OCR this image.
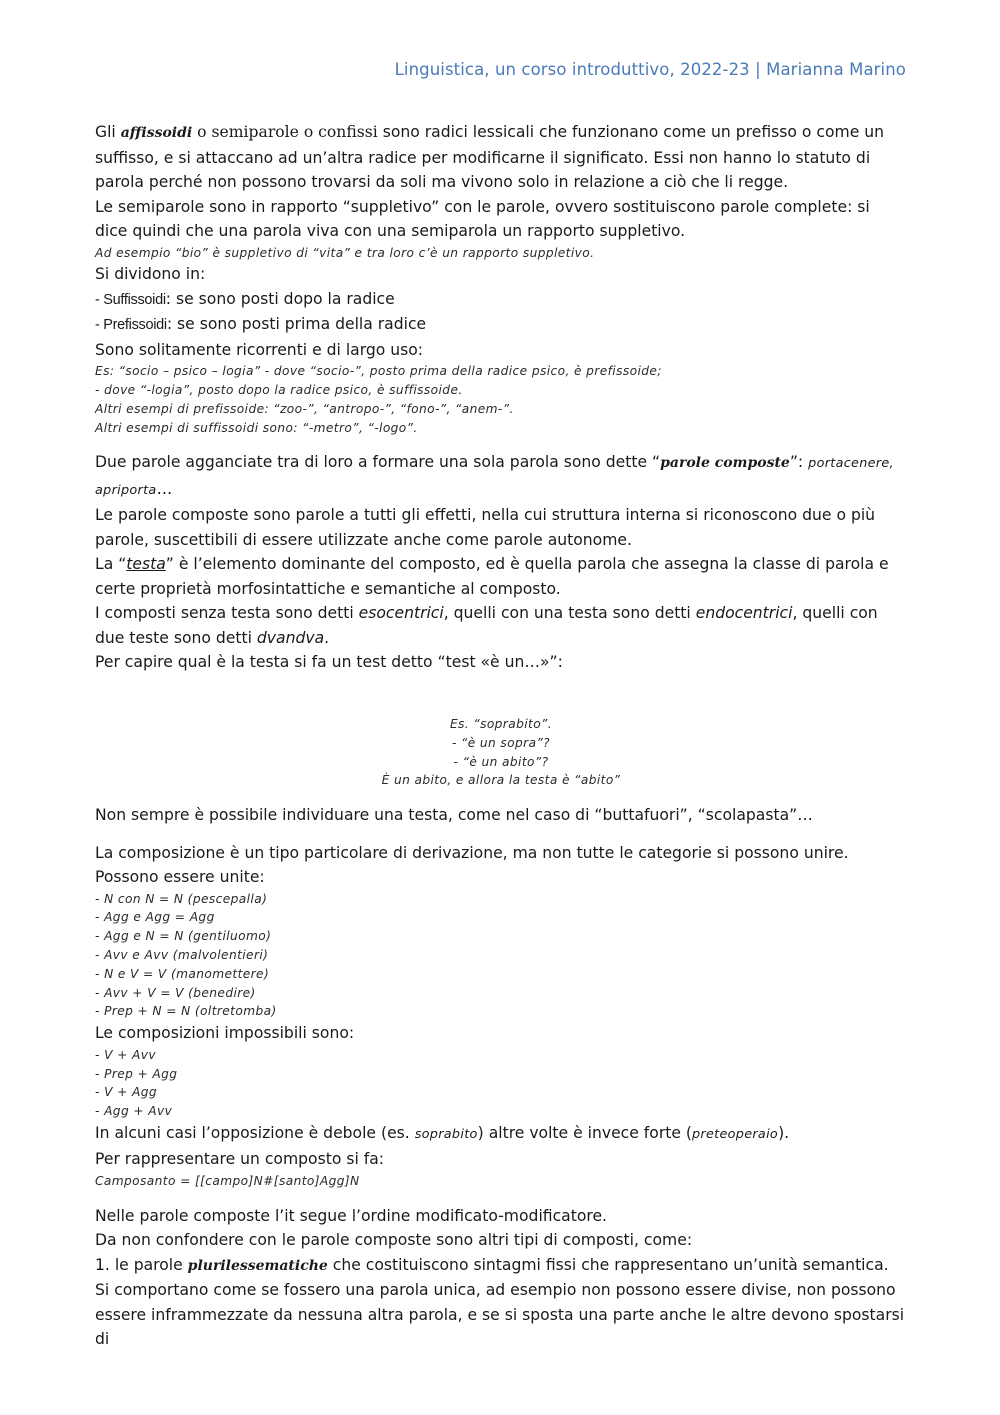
Linguistica, un corso introduttivo, 2022-23 | Marianna Marino

Gli affissoidi o semiparole o confissi sono radici lessicali che funzionano come un prefisso o come un suffisso, e si attaccano ad un’altra radice per modificarne il significato. Essi non hanno lo statuto di parola perché non possono trovarsi da soli ma vivono solo in relazione a ciò che li regge.

Le semiparole sono in rapporto “suppletivo” con le parole, ovvero sostituiscono parole complete: si dice quindi che una parola viva con una semiparola un rapporto suppletivo.

Ad esempio “bio” è suppletivo di “vita” e tra loro c’è un rapporto suppletivo.

Si dividono in:

- Suffissoidi: se sono posti dopo la radice

- Prefissoidi: se sono posti prima della radice

Sono solitamente ricorrenti e di largo uso:

Es: “socio – psico – logia” - dove “socio-”, posto prima della radice psico, è prefissoide;
- dove “-logia”, posto dopo la radice psico, è suffissoide.
Altri esempi di prefissoide: “zoo-”, “antropo-”, “fono-”, “anem-”.
Altri esempi di suffissoidi sono: “-metro”, “-logo”.

Due parole agganciate tra di loro a formare una sola parola sono dette “parole composte”: portacenere, apriporta…

Le parole composte sono parole a tutti gli effetti, nella cui struttura interna si riconoscono due o più parole, suscettibili di essere utilizzate anche come parole autonome.

La “testa” è l’elemento dominante del composto, ed è quella parola che assegna la classe di parola e certe proprietà morfosintattiche e semantiche al composto.

I composti senza testa sono detti esocentrici, quelli con una testa sono detti endocentrici, quelli con due teste sono detti dvandva.

Per capire qual è la testa si fa un test detto “test «è un…»”:

Es. “soprabito”.
- “è un sopra”?
- “è un abito”?
È un abito, e allora la testa è “abito”

Non sempre è possibile individuare una testa, come nel caso di “buttafuori”, “scolapasta”…

La composizione è un tipo particolare di derivazione, ma non tutte le categorie si possono unire.

Possono essere unite:

- N con N = N (pescepalla)
- Agg e Agg = Agg
- Agg e N = N (gentiluomo)
- Avv e Avv (malvolentieri)
- N e V = V (manomettere)
- Avv + V = V (benedire)
- Prep + N = N (oltretomba)

Le composizioni impossibili sono:

- V + Avv
- Prep + Agg
- V + Agg
- Agg + Avv

In alcuni casi l’opposizione è debole (es. soprabito) altre volte è invece forte (preteoperaio).

Per rappresentare un composto si fa:

Camposanto = [[campo]N#[santo]Agg]N

Nelle parole composte l’it segue l’ordine modificato-modificatore.

Da non confondere con le parole composte sono altri tipi di composti, come:

1. le parole plurilessematiche che costituiscono sintagmi fissi che rappresentano un’unità semantica.

Si comportano come se fossero una parola unica, ad esempio non possono essere divise, non possono essere inframmezzate da nessuna altra parola, e se si sposta una parte anche le altre devono spostarsi di
